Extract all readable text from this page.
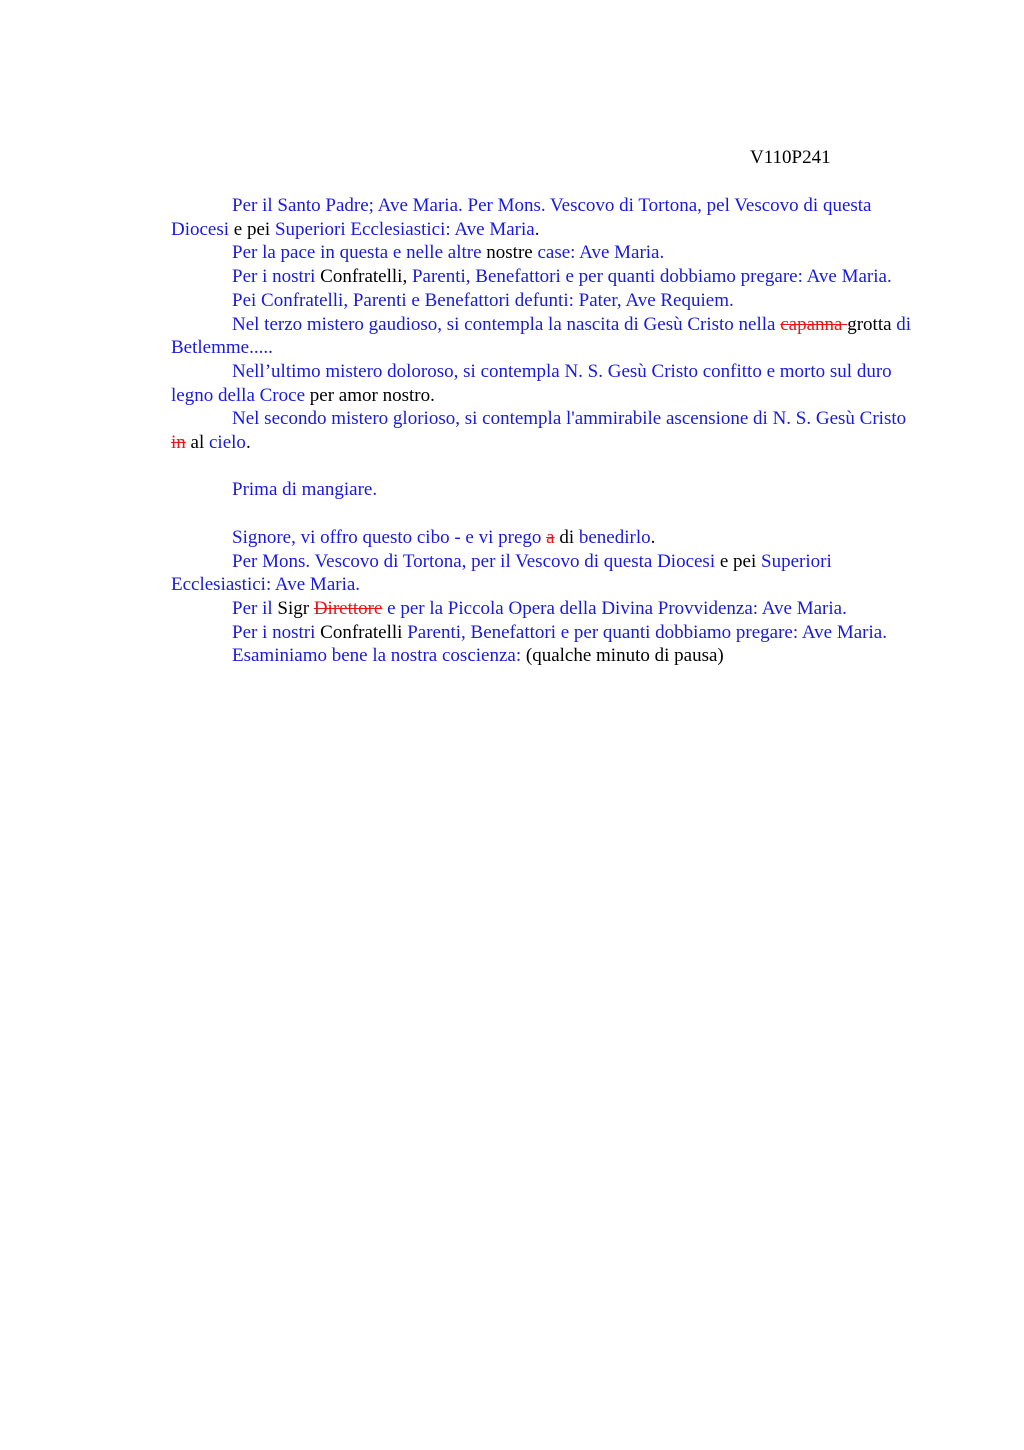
V110P241

Per il Santo Padre; Ave Maria. Per Mons. Vescovo di Tortona, pel Vescovo di questa Diocesi e pei Superiori Ecclesiastici: Ave Maria.

Per la pace in questa e nelle altre nostre case: Ave Maria.

Per i nostri Confratelli, Parenti, Benefattori e per quanti dobbiamo pregare: Ave Maria.

Pei Confratelli, Parenti e Benefattori defunti: Pater, Ave Requiem.

Nel terzo mistero gaudioso, si contempla la nascita di Gesù Cristo nella capanna grotta di Betlemme.....

Nell’ultimo mistero doloroso, si contempla N. S. Gesù Cristo confitto e morto sul duro legno della Croce per amor nostro.

Nel secondo mistero glorioso, si contempla l'ammirabile ascensione di N. S. Gesù Cristo in al cielo.

Prima di mangiare.

Signore, vi offro questo cibo - e vi prego a di benedirlo.

Per Mons. Vescovo di Tortona, per il Vescovo di questa Diocesi e pei Superiori Ecclesiastici: Ave Maria.

Per il Sigr Direttore e per la Piccola Opera della Divina Provvidenza: Ave Maria.

Per i nostri Confratelli Parenti, Benefattori e per quanti dobbiamo pregare: Ave Maria.

Esaminiamo bene la nostra coscienza: (qualche minuto di pausa)
